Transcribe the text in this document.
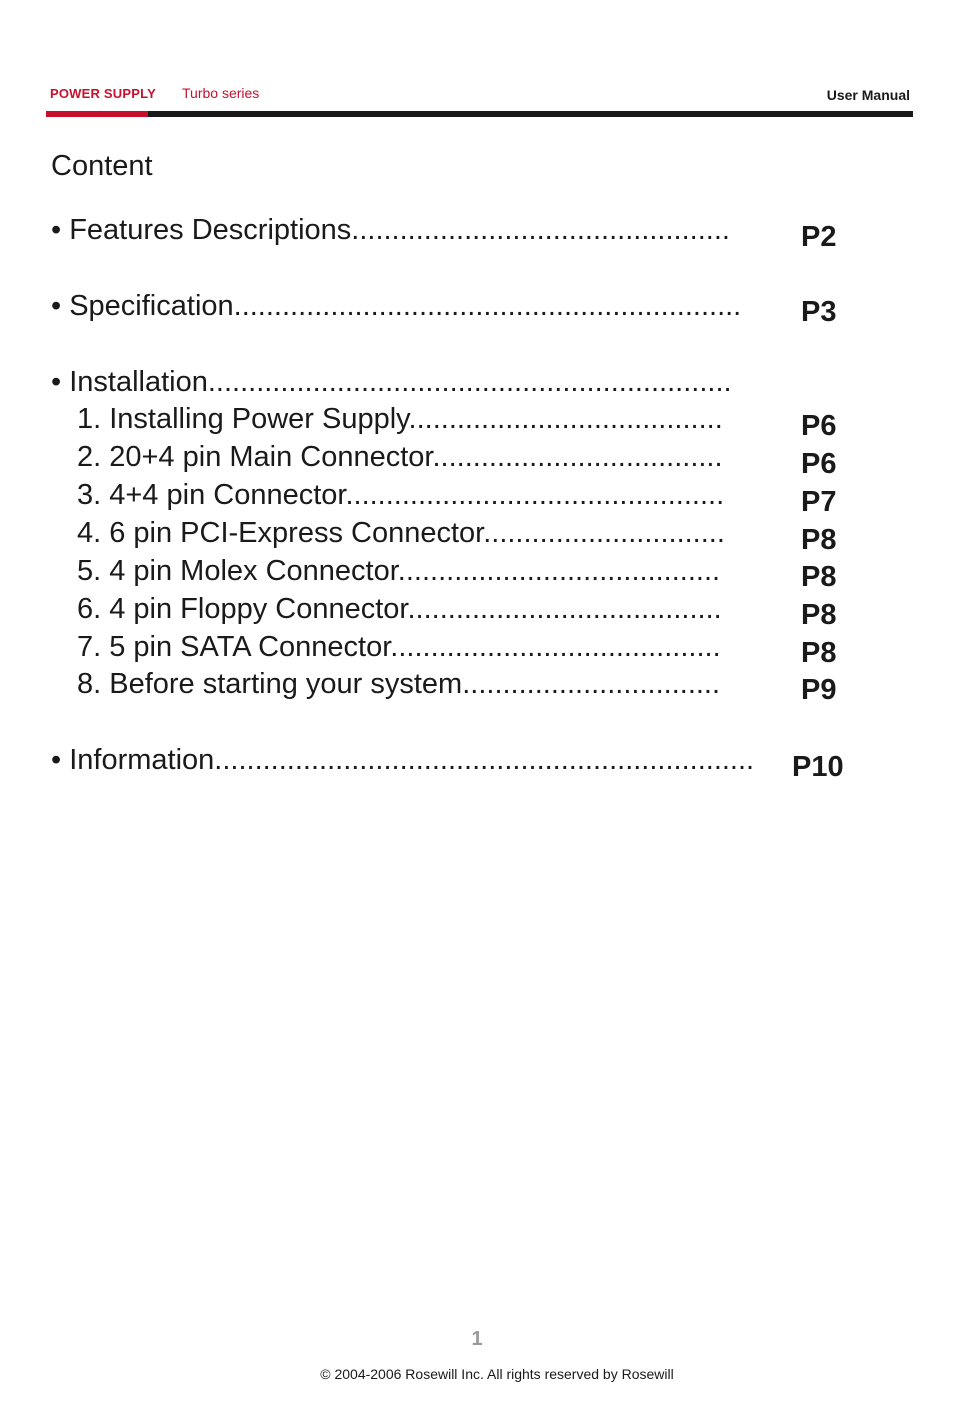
POWER SUPPLY Turbo series	User Manual
Content
• Features Descriptions...............................................	P2
• Specification...............................................................	P3
• Installation.................................................................
1. Installing Power Supply.......................................	P6
2. 20+4 pin Main Connector....................................	P6
3. 4+4 pin Connector...............................................	P7
4. 6 pin PCI-Express Connector..............................	P8
5. 4 pin Molex Connector........................................	P8
6. 4 pin Floppy Connector.......................................	P8
7. 5 pin SATA Connector.........................................	P8
8. Before starting your system................................	P9
• Information...................................................................	P10
1
© 2004-2006 Rosewill Inc. All rights reserved by Rosewill
